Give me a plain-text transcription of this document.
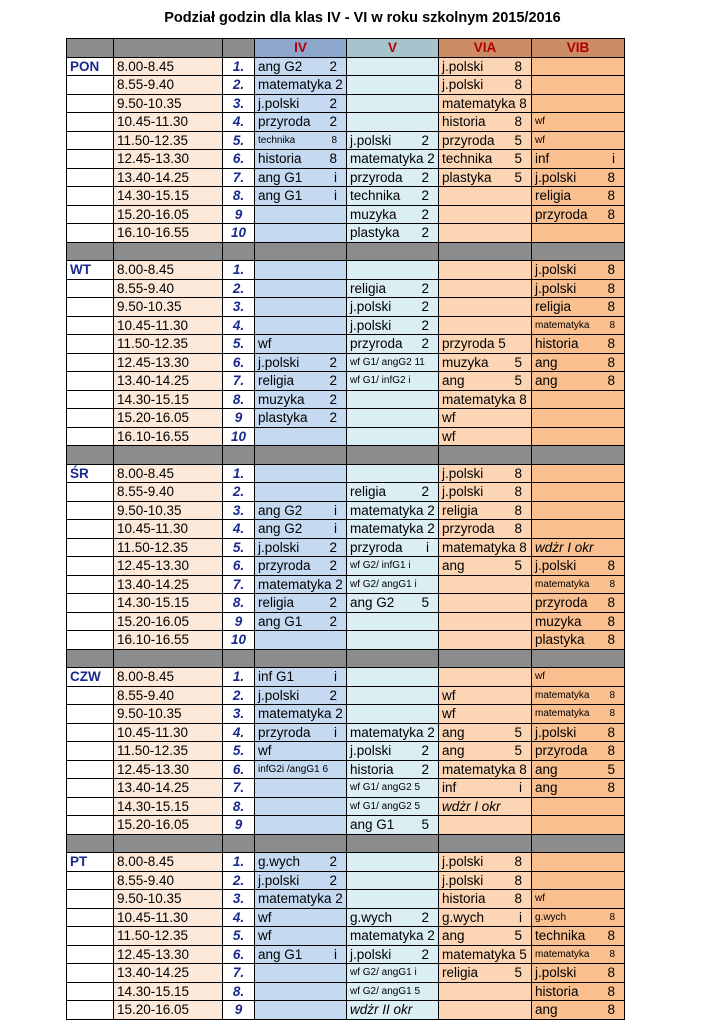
Podział godzin dla klas IV - VI w roku szkolnym 2015/2016
			IV	V	VIA	VIB
PON	8.00-8.45	1.	ang G2 2		j.polski 8	

	8.55-9.40	2.	matematyka 2		j.polski 8	

	9.50-10.35	3.	j.polski 2		matematyka 8	

	10.45-11.30	4.	przyroda 2		historia 8	wf

	11.50-12.35	5.	technika 8	j.polski 2	przyroda 5	wf

	12.45-13.30	6.	historia 8	matematyka 2	technika 5	inf i

	13.40-14.25	7.	ang G1 i	przyroda 2	plastyka 5	j.polski 8

	14.30-15.15	8.	ang G1 i	technika 2		religia 8

	15.20-16.05	9		muzyka 2		przyroda 8

	16.10-16.55	10		plastyka 2		

WT	8.00-8.45	1.				j.polski 8

	8.55-9.40	2.		religia 2		j.polski 8

	9.50-10.35	3.		j.polski 2		religia 8

	10.45-11.30	4.		j.polski 2		matematyka 8

	11.50-12.35	5.	wf	przyroda 2	przyroda 5	historia 8

	12.45-13.30	6.	j.polski 2	wf G1/ angG2 11	muzyka 5	ang 8

	13.40-14.25	7.	religia 2	wf G1/ infG2 i	ang 5	ang 8

	14.30-15.15	8.	muzyka 2		matematyka 8	

	15.20-16.05	9	plastyka 2		wf	

	16.10-16.55	10			wf	

ŚR	8.00-8.45	1.			j.polski 8	

	8.55-9.40	2.		religia 2	j.polski 8	

	9.50-10.35	3.	ang G2 i	matematyka 2	religia 8	

	10.45-11.30	4.	ang G2 i	matematyka 2	przyroda 8	

	11.50-12.35	5.	j.polski 2	przyroda i	matematyka 8	wdżr I okr

	12.45-13.30	6.	przyroda 2	wf G2/ infG1 i	ang 5	j.polski 8

	13.40-14.25	7.	matematyka 2	wf G2/ angG1 i		matematyka 8

	14.30-15.15	8.	religia 2	ang G2 5		przyroda 8

	15.20-16.05	9	ang G1 2			muzyka 8

	16.10-16.55	10				plastyka 8

CZW	8.00-8.45	1.	inf G1 i			wf

	8.55-9.40	2.	j.polski 2		wf	matematyka 8

	9.50-10.35	3.	matematyka 2		wf	matematyka 8

	10.45-11.30	4.	przyroda i	matematyka 2	ang 5	j.polski 8

	11.50-12.35	5.	wf	j.polski 2	ang 5	przyroda 8

	12.45-13.30	6.	infG2i /angG1 6	historia 2	matematyka 8	ang 5

	13.40-14.25	7.		wf G1/ angG2 5	inf i	ang 8

	14.30-15.15	8.		wf G1/ angG2 5	wdżr I okr	

	15.20-16.05	9		ang G1 5		

PT	8.00-8.45	1.	g.wych 2		j.polski 8	

	8.55-9.40	2.	j.polski 2		j.polski 8	

	9.50-10.35	3.	matematyka 2		historia 8	wf

	10.45-11.30	4.	wf	g.wych 2	g.wych i	g.wych 8

	11.50-12.35	5.	wf	matematyka 2	ang 5	technika 8

	12.45-13.30	6.	ang G1 i	j.polski 2	matematyka 5	matematyka 8

	13.40-14.25	7.		wf G2/ angG1 i	religia 5	j.polski 8

	14.30-15.15	8.		wf G2/ angG1 5		historia 8

	15.20-16.05	9		wdżr II okr		ang 8
